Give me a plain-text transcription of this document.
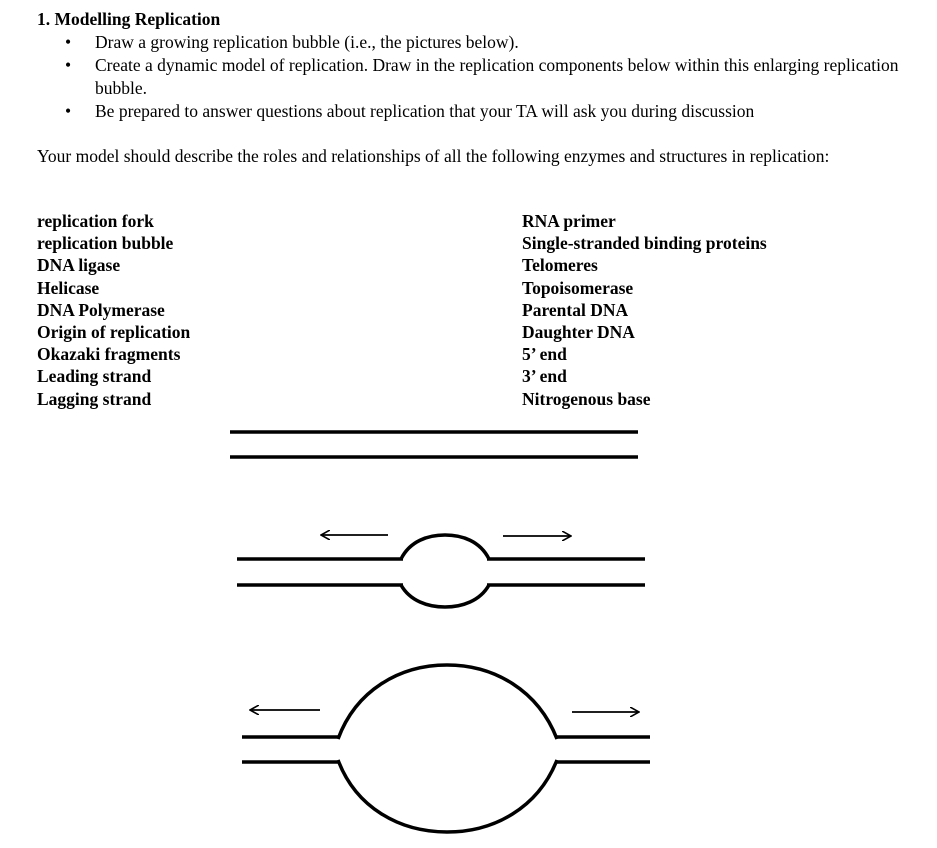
1. Modelling Replication
• Draw a growing replication bubble (i.e., the pictures below).
• Create a dynamic model of replication. Draw in the replication components below within this enlarging replication bubble.
• Be prepared to answer questions about replication that your TA will ask you during discussion

Your model should describe the roles and relationships of all the following enzymes and structures in replication:

replication fork
replication bubble
DNA ligase
Helicase
DNA Polymerase
Origin of replication
Okazaki fragments
Leading strand
Lagging strand
RNA primer
Single-stranded binding proteins
Telomeres
Topoisomerase
Parental DNA
Daughter DNA
5’ end
3’ end
Nitrogenous base
